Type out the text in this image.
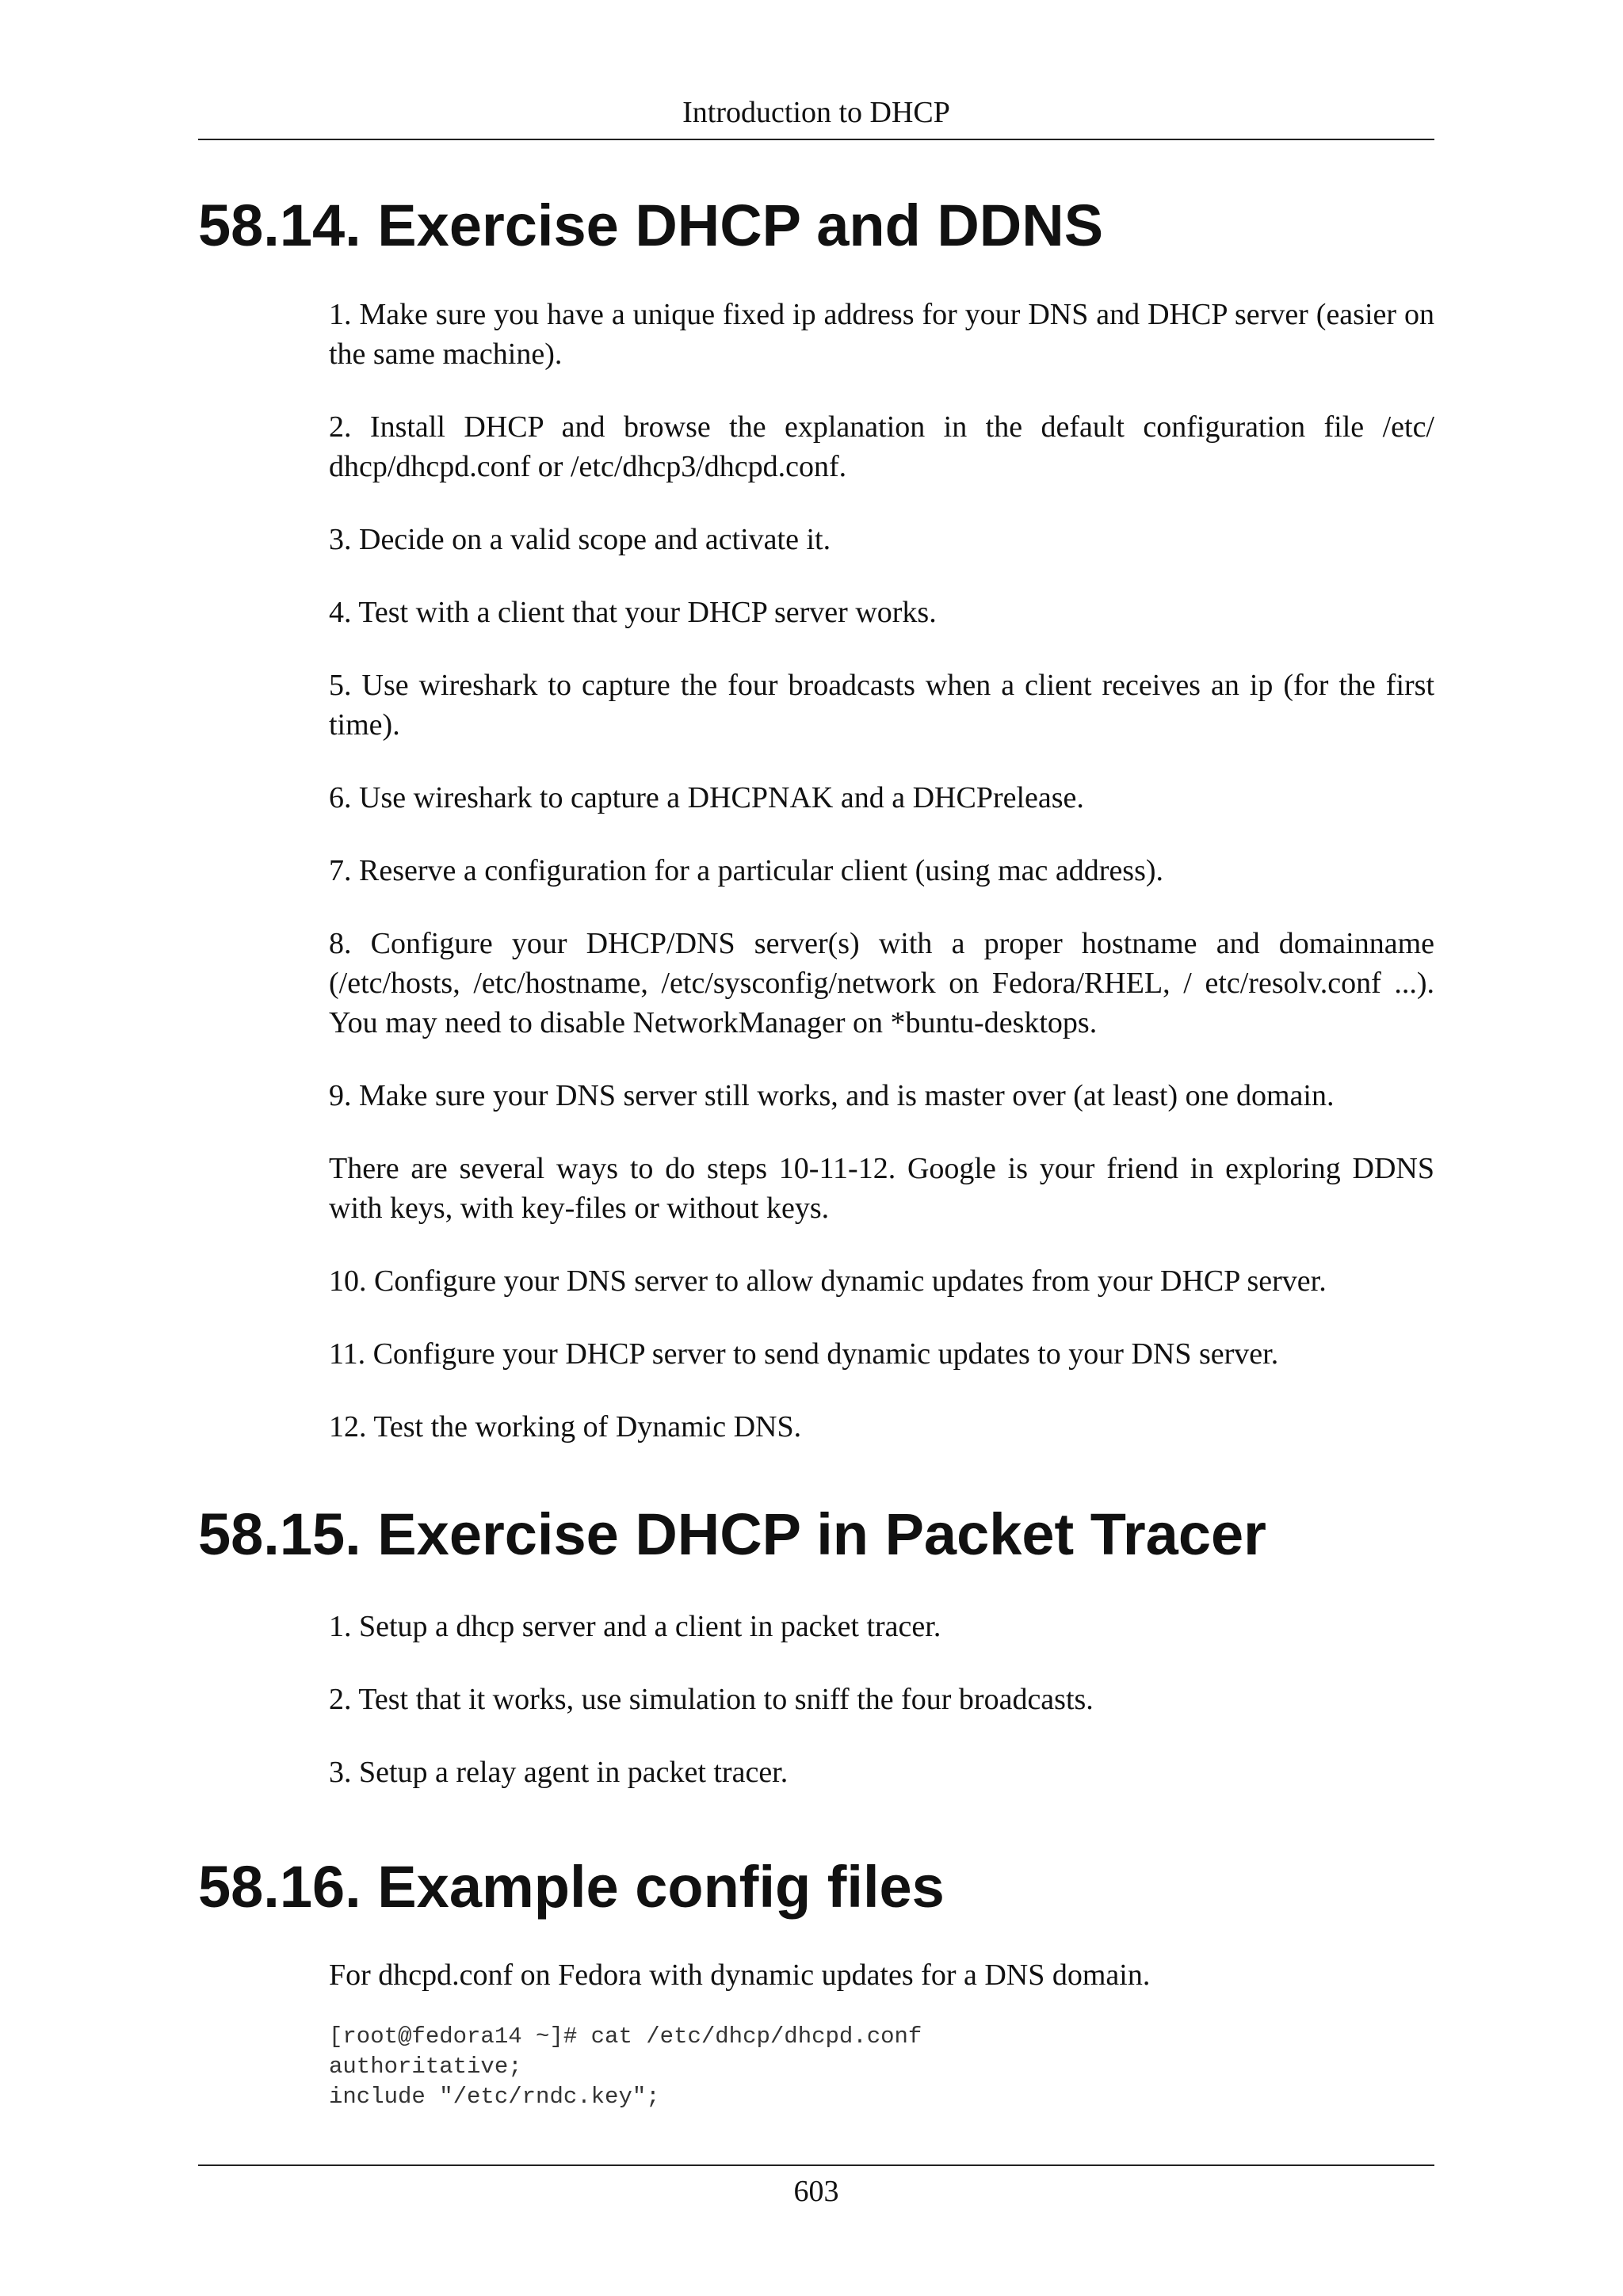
Introduction to DHCP
58.14. Exercise DHCP and DDNS

1. Make sure you have a unique fixed ip address for your DNS and DHCP server (easier on the same machine).

2. Install DHCP and browse the explanation in the default configuration file /etc/ dhcp/dhcpd.conf or /etc/dhcp3/dhcpd.conf.

3. Decide on a valid scope and activate it.

4. Test with a client that your DHCP server works.

5. Use wireshark to capture the four broadcasts when a client receives an ip (for the first time).

6. Use wireshark to capture a DHCPNAK and a DHCPrelease.

7. Reserve a configuration for a particular client (using mac address).

8. Configure your DHCP/DNS server(s) with a proper hostname and domainname (/etc/hosts, /etc/hostname, /etc/sysconfig/network on Fedora/RHEL, / etc/resolv.conf ...). You may need to disable NetworkManager on *buntu-desktops.

9. Make sure your DNS server still works, and is master over (at least) one domain.

There are several ways to do steps 10-11-12. Google is your friend in exploring DDNS with keys, with key-files or without keys.

10. Configure your DNS server to allow dynamic updates from your DHCP server.

11. Configure your DHCP server to send dynamic updates to your DNS server.

12. Test the working of Dynamic DNS.

58.15. Exercise DHCP in Packet Tracer

1. Setup a dhcp server and a client in packet tracer.

2. Test that it works, use simulation to sniff the four broadcasts.

3. Setup a relay agent in packet tracer.

58.16. Example config files

For dhcpd.conf on Fedora with dynamic updates for a DNS domain.

[root@fedora14 ~]# cat /etc/dhcp/dhcpd.conf
authoritative;
include "/etc/rndc.key";
603
